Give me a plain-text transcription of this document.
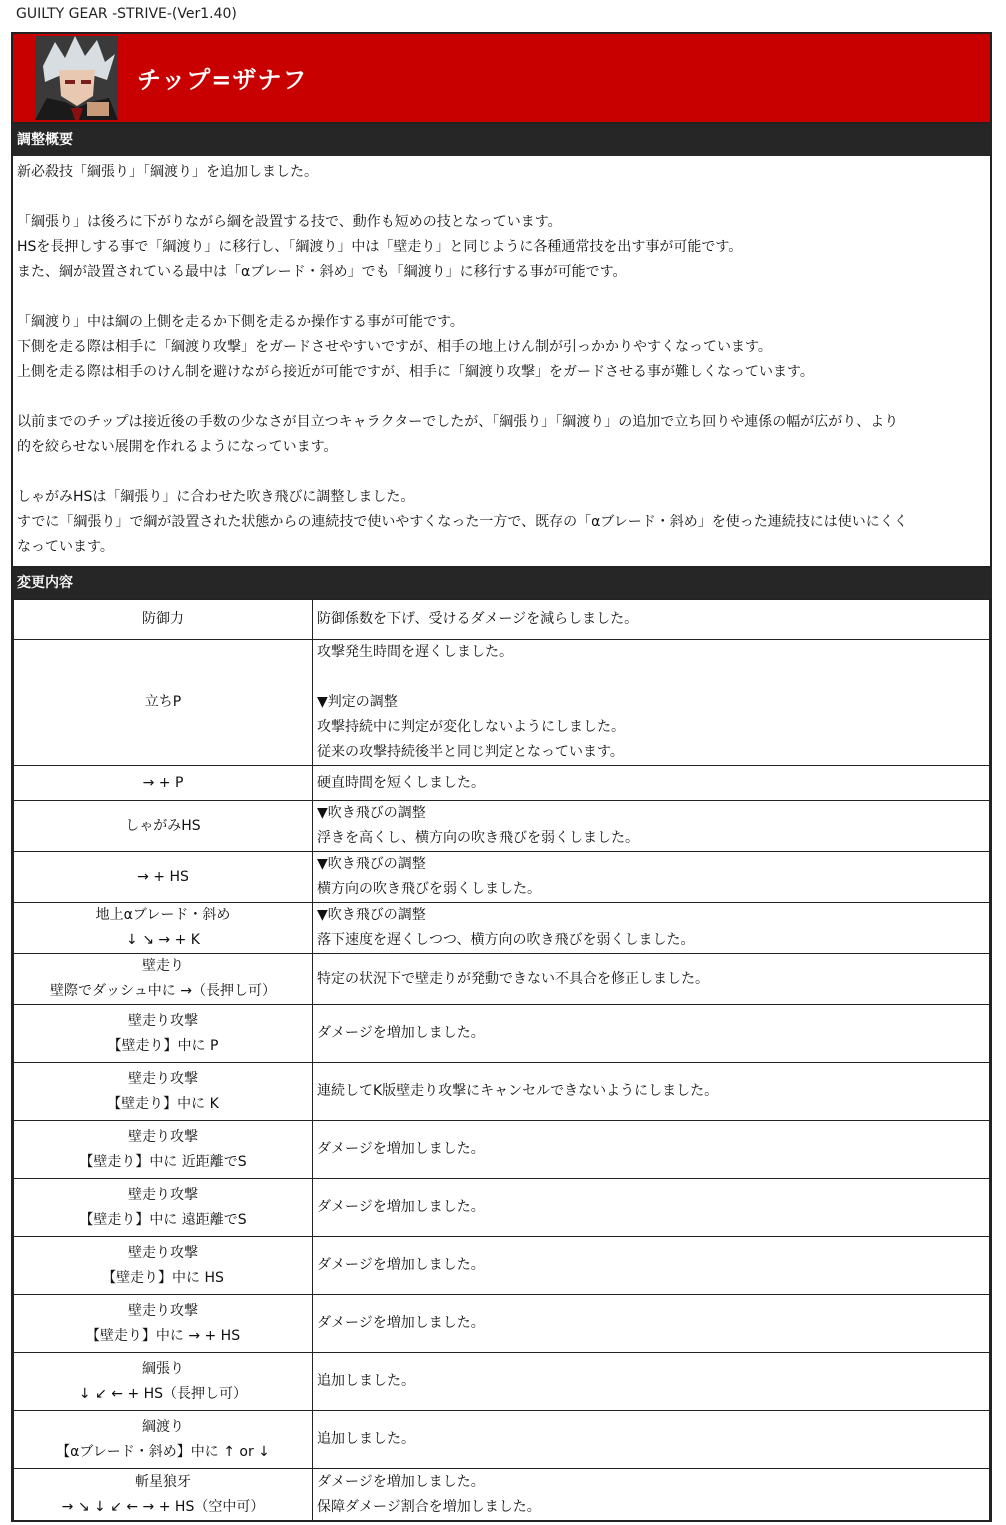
GUILTY GEAR -STRIVE-(Ver1.40)
チップ=ザナフ
調整概要

新必殺技「綱張り」「綱渡り」を追加しました。

「綱張り」は後ろに下がりながら綱を設置する技で、動作も短めの技となっています。

HSを長押しする事で「綱渡り」に移行し、「綱渡り」中は「壁走り」と同じように各種通常技を出す事が可能です。

また、綱が設置されている最中は「αブレード・斜め」でも「綱渡り」に移行する事が可能です。

「綱渡り」中は綱の上側を走るか下側を走るか操作する事が可能です。

下側を走る際は相手に「綱渡り攻撃」をガードさせやすいですが、相手の地上けん制が引っかかりやすくなっています。

上側を走る際は相手のけん制を避けながら接近が可能ですが、相手に「綱渡り攻撃」をガードさせる事が難しくなっています。

以前までのチップは接近後の手数の少なさが目立つキャラクターでしたが、「綱張り」「綱渡り」の追加で立ち回りや連係の幅が広がり、より

的を絞らせない展開を作れるようになっています。

しゃがみHSは「綱張り」に合わせた吹き飛びに調整しました。

すでに「綱張り」で綱が設置された状態からの連続技で使いやすくなった一方で、既存の「αブレード・斜め」を使った連続技には使いにくく

なっています。

変更内容
防御力	防御係数を下げ、受けるダメージを減らしました。

立ちP	攻撃発生時間を遅くしました。

▼判定の調整
攻撃持続中に判定が変化しないようにしました。
従来の攻撃持続後半と同じ判定となっています。

→ + P	硬直時間を短くしました。

しゃがみHS	▼吹き飛びの調整
浮きを高くし、横方向の吹き飛びを弱くしました。

→ + HS	▼吹き飛びの調整
横方向の吹き飛びを弱くしました。

地上αブレード・斜め
↓ ↘ → + K	▼吹き飛びの調整
落下速度を遅くしつつ、横方向の吹き飛びを弱くしました。

壁走り
壁際でダッシュ中に →（長押し可）	特定の状況下で壁走りが発動できない不具合を修正しました。

壁走り攻撃
【壁走り】中に P	ダメージを増加しました。

壁走り攻撃
【壁走り】中に K	連続してK版壁走り攻撃にキャンセルできないようにしました。

壁走り攻撃
【壁走り】中に 近距離でS	ダメージを増加しました。

壁走り攻撃
【壁走り】中に 遠距離でS	ダメージを増加しました。

壁走り攻撃
【壁走り】中に HS	ダメージを増加しました。

壁走り攻撃
【壁走り】中に → + HS	ダメージを増加しました。

綱張り
↓ ↙ ← + HS（長押し可）	追加しました。

綱渡り
【αブレード・斜め】中に ↑ or ↓	追加しました。

斬星狼牙
→ ↘ ↓ ↙ ← → + HS（空中可）	ダメージを増加しました。
保障ダメージ割合を増加しました。
